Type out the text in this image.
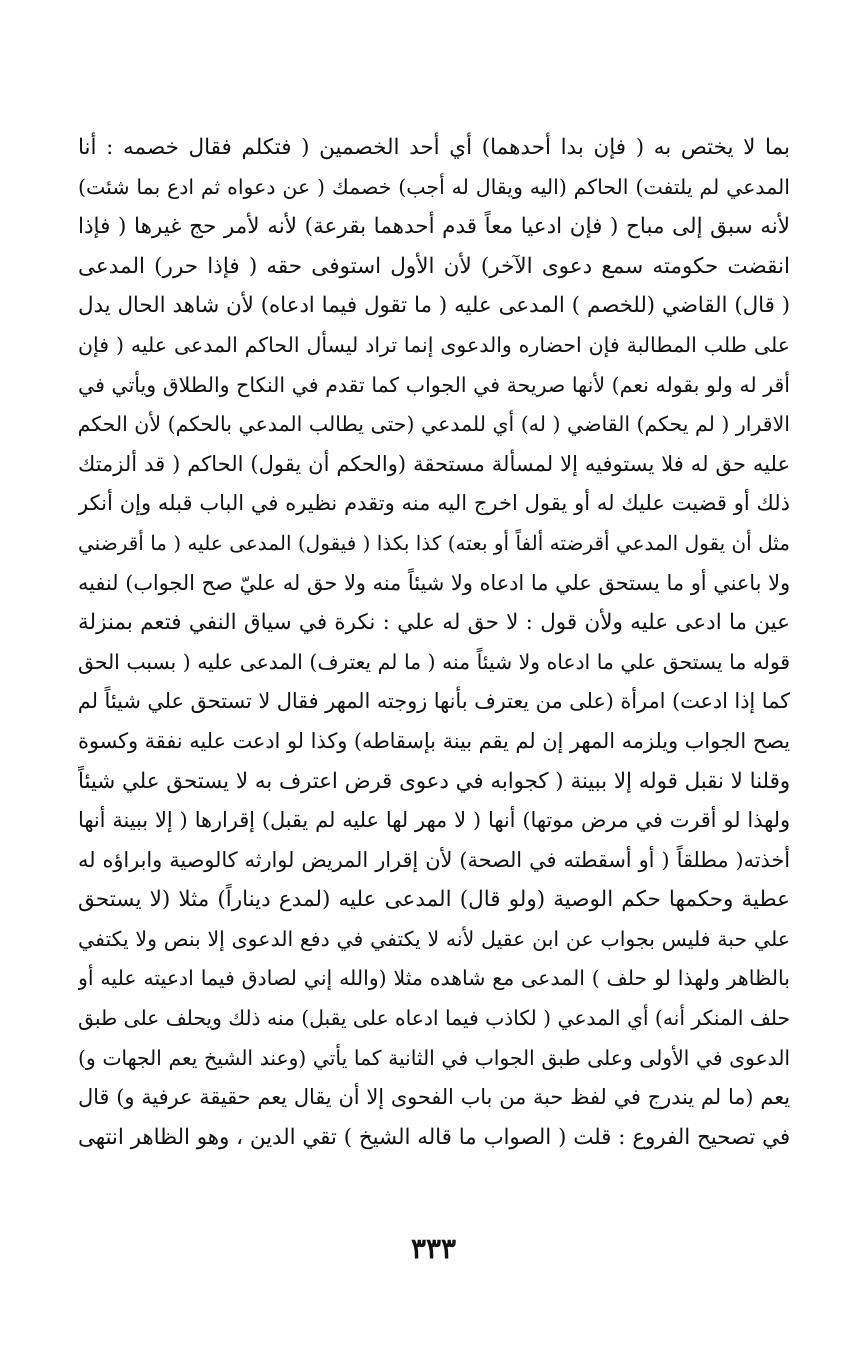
بما لا يختص به ( فإن بدا أحدهما) أي أحد الخصمين ( فتكلم فقال خصمه : أنا
المدعي لم يلتفت) الحاكم (اليه ويقال له أجب) خصمك ( عن دعواه ثم ادع بما شئت)
لأنه سبق إلى مباح ( فإن ادعيا معاً قدم أحدهما بقرعة) لأنه لأمر حج غيرها ( فإذا
انقضت حكومته سمع دعوى الآخر) لأن الأول استوفى حقه ( فإذا حرر) المدعى
( قال) القاضي (للخصم ) المدعى عليه ( ما تقول فيما ادعاه) لأن شاهد الحال يدل
على طلب المطالبة فإن احضاره والدعوى إنما تراد ليسأل الحاكم المدعى عليه ( فإن
أقر له ولو بقوله نعم) لأنها صريحة في الجواب كما تقدم في النكاح والطلاق ويأتي في
الاقرار ( لم يحكم) القاضي ( له) أي للمدعي (حتى يطالب المدعي بالحكم) لأن الحكم
عليه حق له فلا يستوفيه إلا لمسألة مستحقة (والحكم أن يقول) الحاكم ( قد ألزمتك
ذلك أو قضيت عليك له أو يقول اخرج اليه منه وتقدم نظيره في الباب قبله وإن أنكر
مثل أن يقول المدعي أقرضته ألفاً أو بعته) كذا بكذا ( فيقول) المدعى عليه ( ما أقرضني
ولا باعني أو ما يستحق علي ما ادعاه ولا شيئاً منه ولا حق له عليّ صح الجواب) لنفيه
عين ما ادعى عليه ولأن قول : لا حق له علي : نكرة في سياق النفي فتعم بمنزلة
قوله ما يستحق علي ما ادعاه ولا شيئاً منه ( ما لم يعترف) المدعى عليه ( بسبب الحق
كما إذا ادعت) امرأة (على من يعترف بأنها زوجته المهر فقال لا تستحق علي شيئاً لم
يصح الجواب ويلزمه المهر إن لم يقم بينة بإسقاطه) وكذا لو ادعت عليه نفقة وكسوة
وقلنا لا نقبل قوله إلا ببينة ( كجوابه في دعوى قرض اعترف به لا يستحق علي شيئاً
ولهذا لو أقرت في مرض موتها) أنها ( لا مهر لها عليه لم يقبل) إقرارها ( إلا ببينة أنها
أخذته( مطلقاً ( أو أسقطته في الصحة) لأن إقرار المريض لوارثه كالوصية وابراؤه له
عطية وحكمها حكم الوصية (ولو قال) المدعى عليه (لمدع ديناراً) مثلا (لا يستحق
علي حبة فليس بجواب عن ابن عقيل لأنه لا يكتفي في دفع الدعوى إلا بنص ولا يكتفي
بالظاهر ولهذا لو حلف ) المدعى مع شاهده مثلا (والله إني لصادق فيما ادعيته عليه أو
حلف المنكر أنه) أي المدعي ( لكاذب فيما ادعاه على يقبل) منه ذلك ويحلف على طبق
الدعوى في الأولى وعلى طبق الجواب في الثانية كما يأتي (وعند الشيخ يعم الجهات و)
يعم (ما لم يندرج في لفظ حبة من باب الفحوى إلا أن يقال يعم حقيقة عرفية و) قال
في تصحيح الفروع : قلت ( الصواب ما قاله الشيخ ) تقي الدين ، وهو الظاهر انتهى
٣٣٣
